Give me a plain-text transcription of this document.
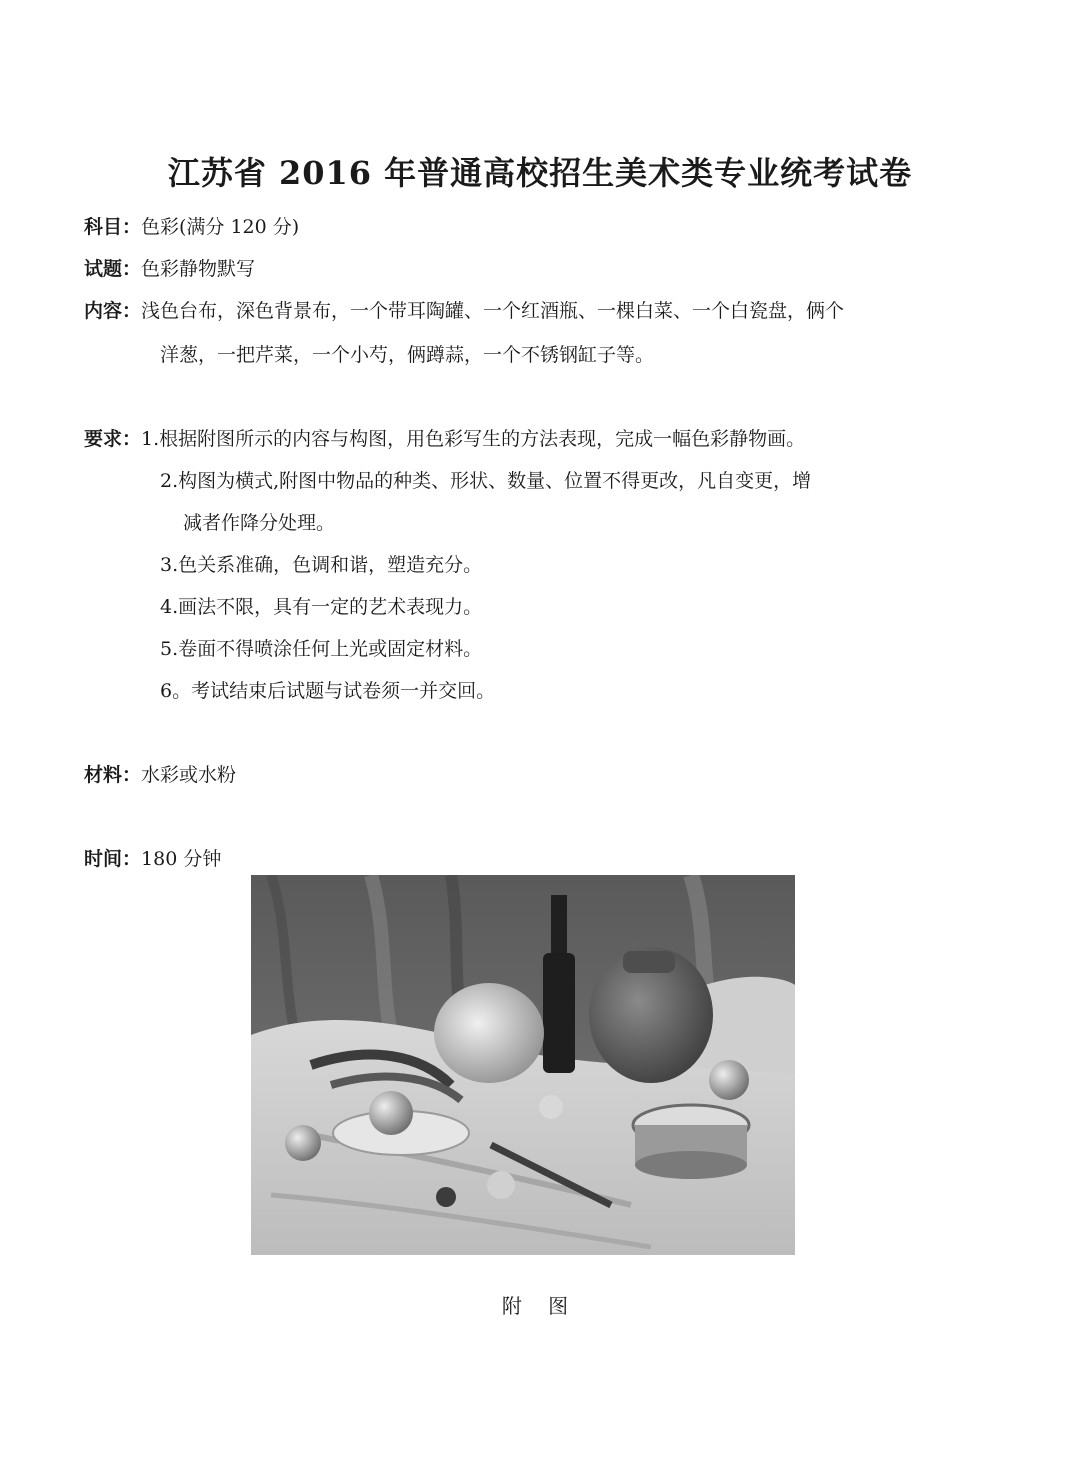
江苏省 2016 年普通高校招生美术类专业统考试卷
科目：色彩(满分 120 分)
试题：色彩静物默写
内容：浅色台布，深色背景布，一个带耳陶罐、一个红酒瓶、一棵白菜、一个白瓷盘，俩个
洋葱，一把芹菜，一个小芍，俩蹲蒜，一个不锈钢缸子等。
要求：1.根据附图所示的内容与构图，用色彩写生的方法表现，完成一幅色彩静物画。
2.构图为横式,附图中物品的种类、形状、数量、位置不得更改，凡自变更，增
减者作降分处理。
3.色关系准确，色调和谐，塑造充分。
4.画法不限，具有一定的艺术表现力。
5.卷面不得喷涂任何上光或固定材料。
6。考试结束后试题与试卷须一并交回。
材料：水彩或水粉
时间：180 分钟
附 图
